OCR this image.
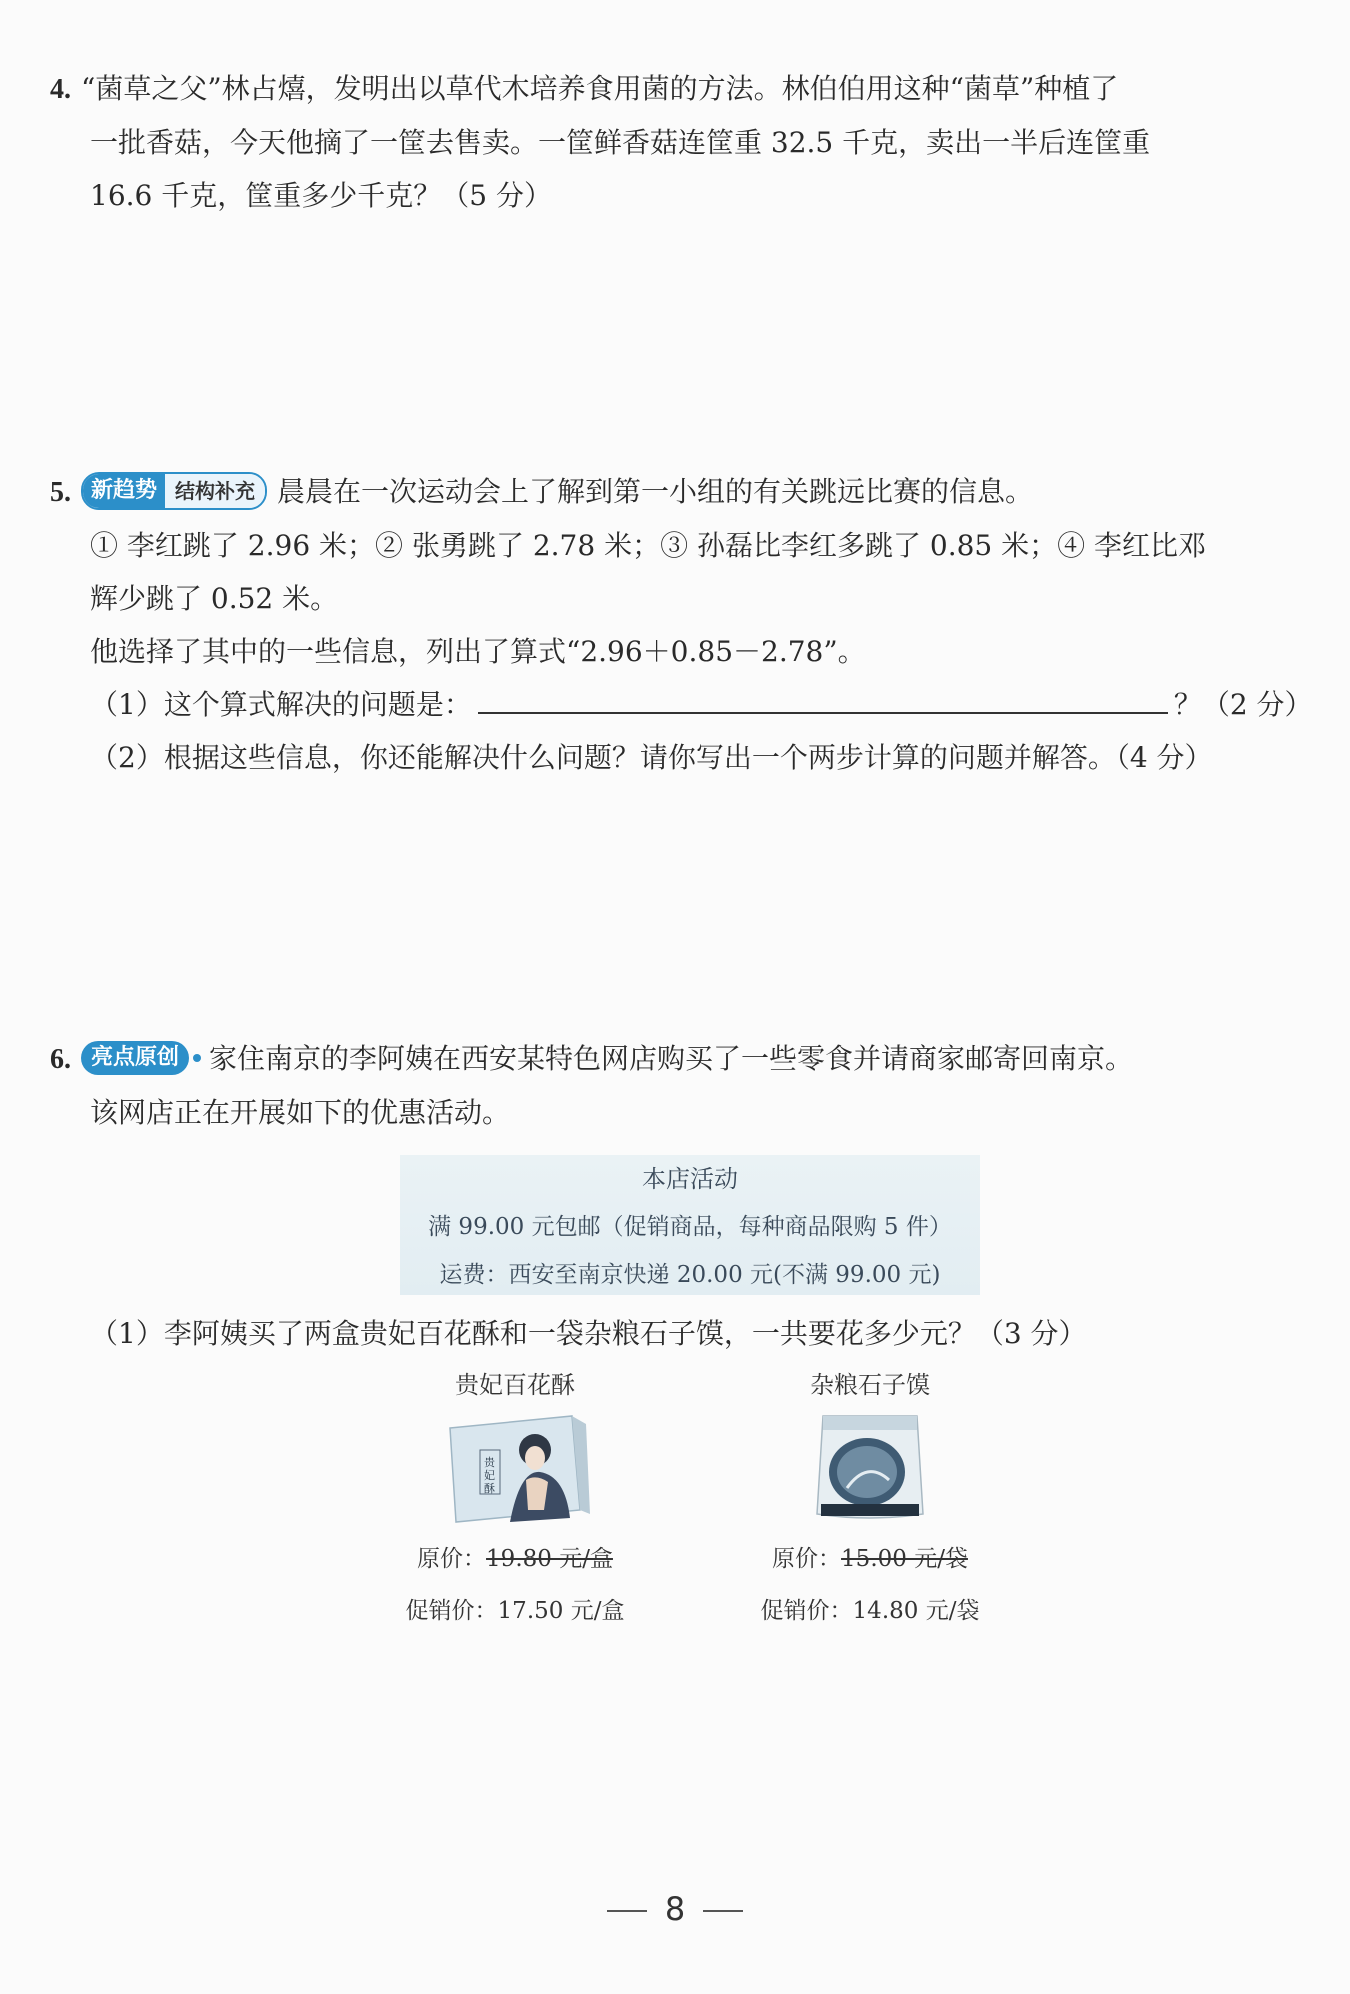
4. “菌草之父”林占熺，发明出以草代木培养食用菌的方法。林伯伯用这种“菌草”种植了
一批香菇，今天他摘了一筐去售卖。一筐鲜香菇连筐重 32.5 千克，卖出一半后连筐重
16.6 千克，筐重多少千克？（5 分）
5. 新趋势 结构补充 晨晨在一次运动会上了解到第一小组的有关跳远比赛的信息。
① 李红跳了 2.96 米；② 张勇跳了 2.78 米；③ 孙磊比李红多跳了 0.85 米；④ 李红比邓
辉少跳了 0.52 米。
他选择了其中的一些信息，列出了算式“2.96＋0.85－2.78”。
（1）这个算式解决的问题是：	？（2 分）
（2）根据这些信息，你还能解决什么问题？请你写出一个两步计算的问题并解答。（4 分）
6. 亮点原创 家住南京的李阿姨在西安某特色网店购买了一些零食并请商家邮寄回南京。
该网店正在开展如下的优惠活动。
本店活动
满 99.00 元包邮（促销商品，每种商品限购 5 件）
运费：西安至南京快递 20.00 元(不满 99.00 元)
（1）李阿姨买了两盒贵妃百花酥和一袋杂粮石子馍，一共要花多少元？（3 分）
贵妃百花酥
贵
妃
酥
原价：19.80 元/盒
促销价：17.50 元/盒
杂粮石子馍
原价：15.00 元/袋
促销价：14.80 元/袋
8
